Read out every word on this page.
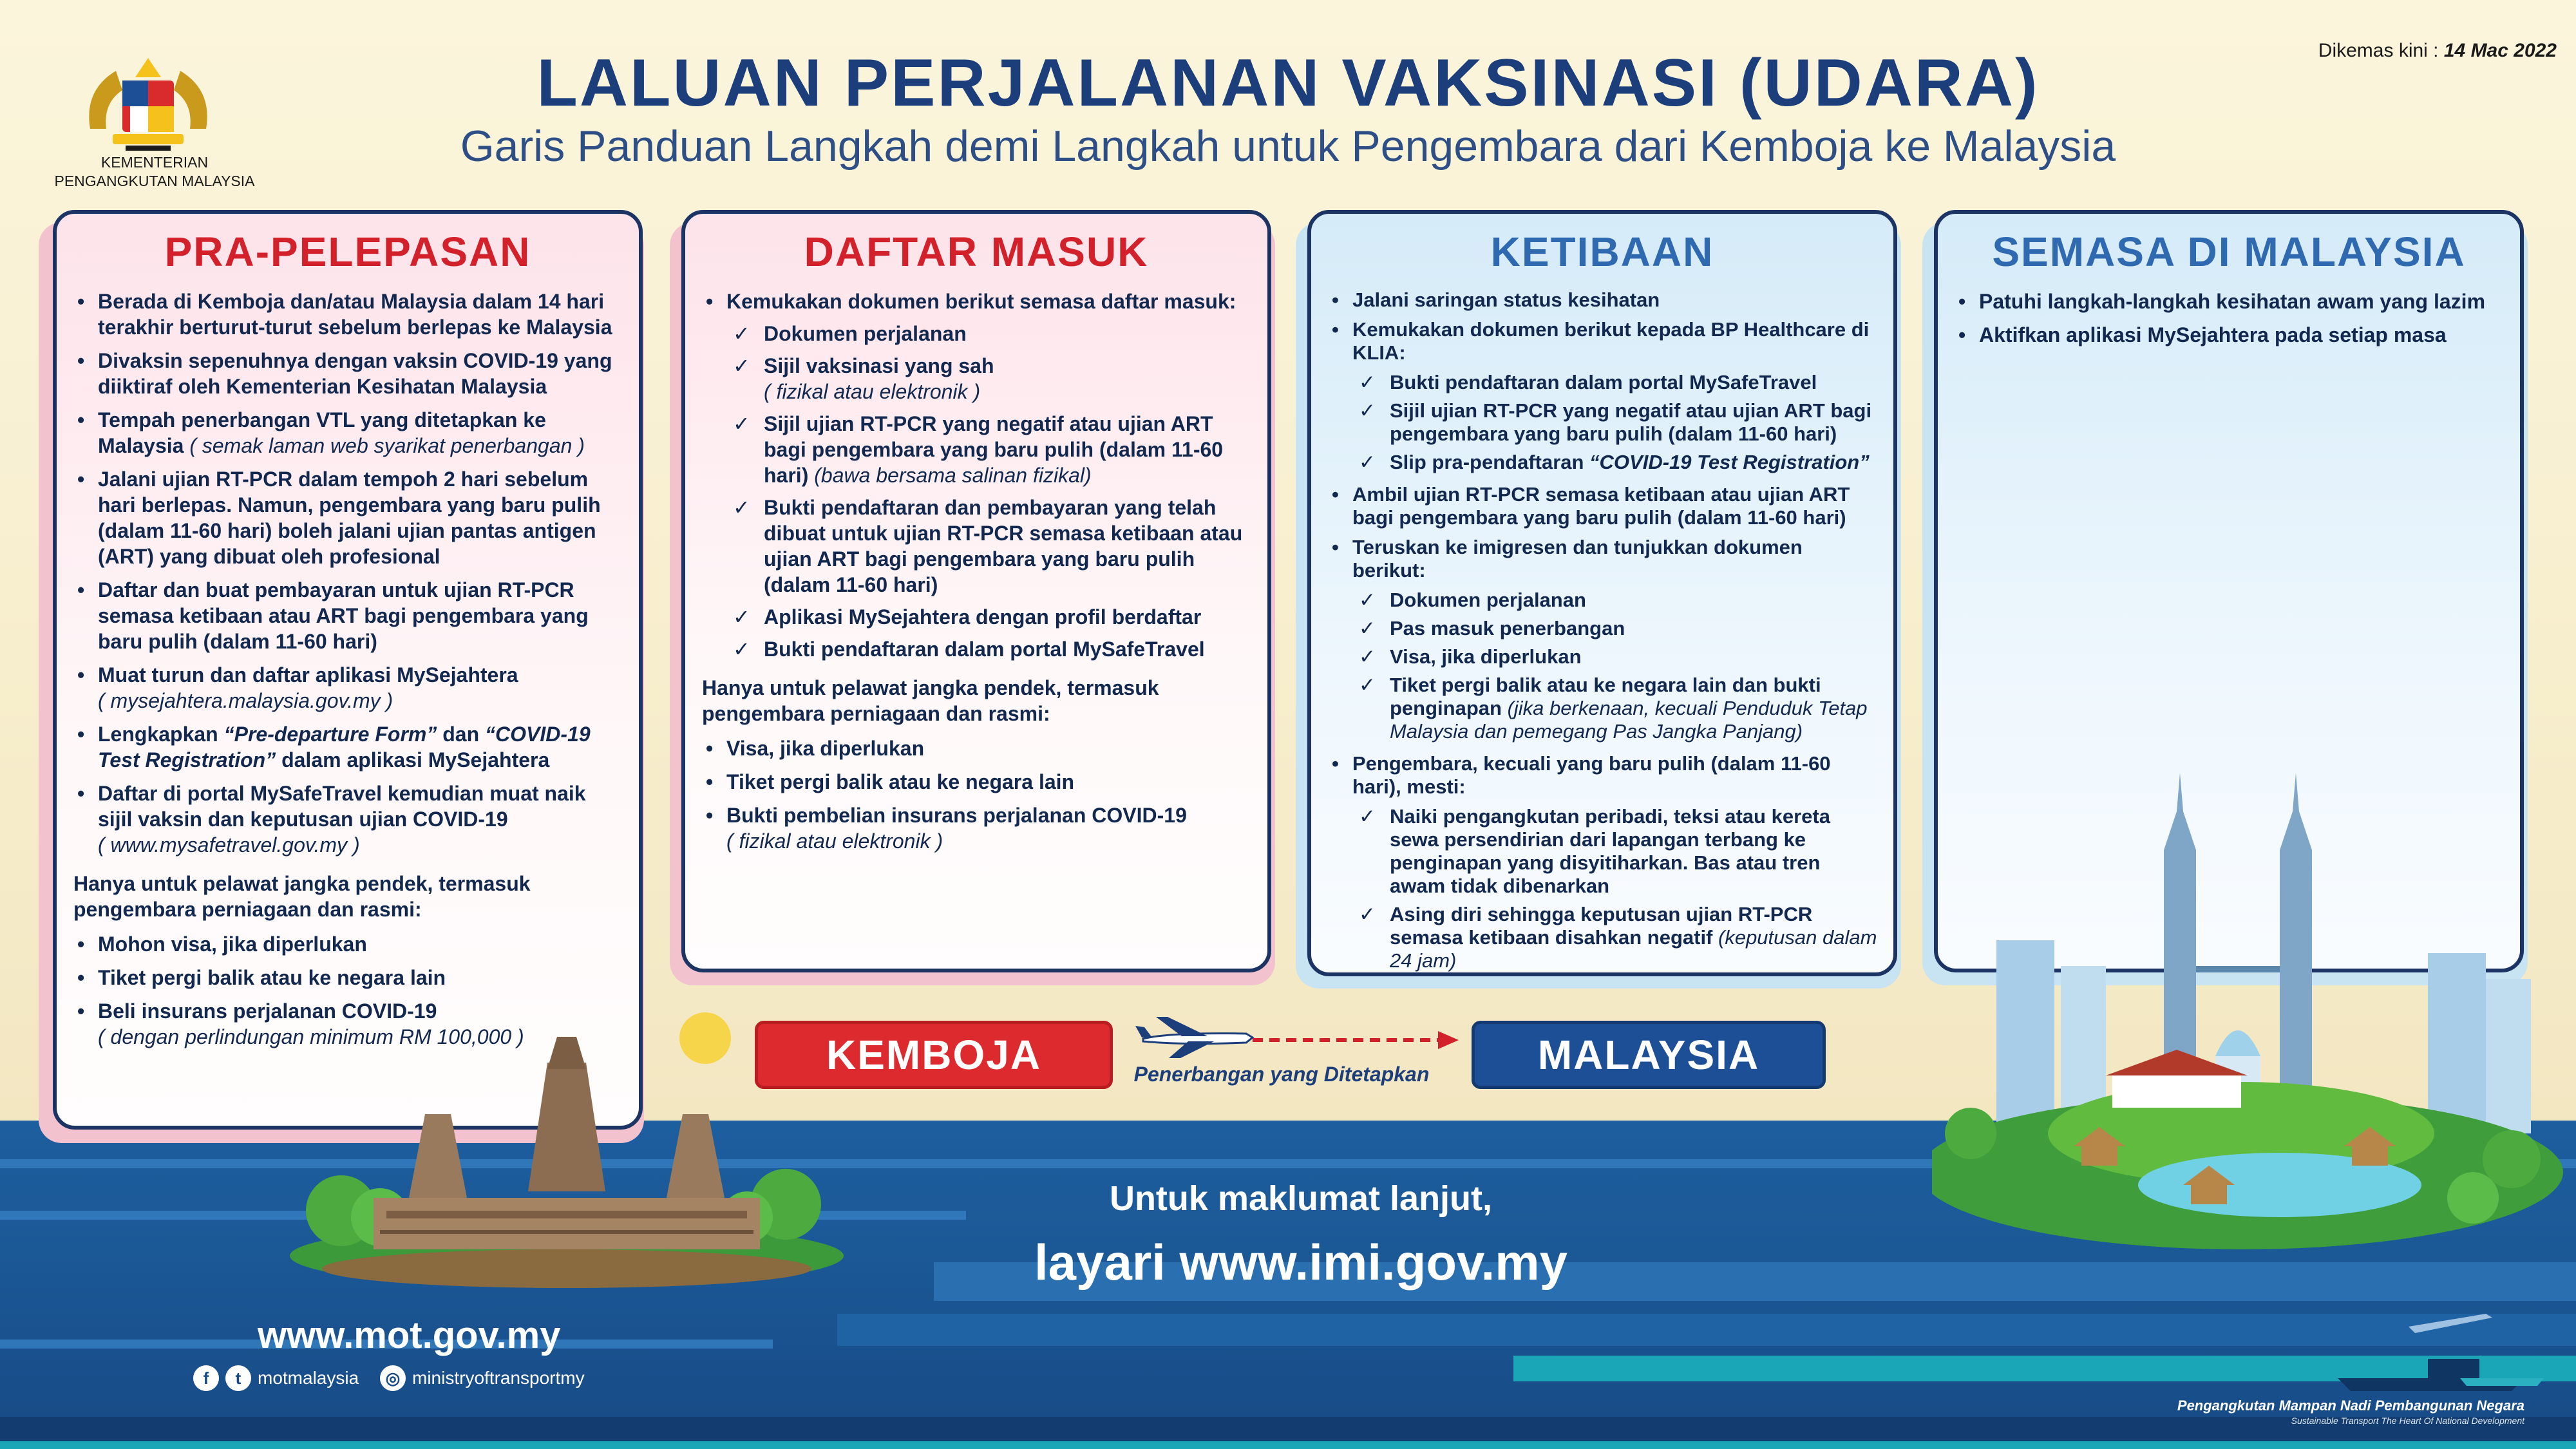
KEMENTERIAN PENGANGKUTAN MALAYSIA
Dikemas kini : 14 Mac 2022
LALUAN PERJALANAN VAKSINASI (UDARA)
Garis Panduan Langkah demi Langkah untuk Pengembara dari Kemboja ke Malaysia
PRA-PELEPASAN
• Berada di Kemboja dan/atau Malaysia dalam 14 hari terakhir berturut-turut sebelum berlepas ke Malaysia
• Divaksin sepenuhnya dengan vaksin COVID-19 yang diiktiraf oleh Kementerian Kesihatan Malaysia
• Tempah penerbangan VTL yang ditetapkan ke Malaysia ( semak laman web syarikat penerbangan )
• Jalani ujian RT-PCR dalam tempoh 2 hari sebelum hari berlepas. Namun, pengembara yang baru pulih (dalam 11-60 hari) boleh jalani ujian pantas antigen (ART) yang dibuat oleh profesional
• Daftar dan buat pembayaran untuk ujian RT-PCR semasa ketibaan atau ART bagi pengembara yang baru pulih (dalam 11-60 hari)
• Muat turun dan daftar aplikasi MySejahtera
( mysejahtera.malaysia.gov.my )
• Lengkapkan “Pre-departure Form” dan “COVID-19 Test Registration” dalam aplikasi MySejahtera
• Daftar di portal MySafeTravel kemudian muat naik sijil vaksin dan keputusan ujian COVID-19
( www.mysafetravel.gov.my )
Hanya untuk pelawat jangka pendek, termasuk pengembara perniagaan dan rasmi:
• Mohon visa, jika diperlukan
• Tiket pergi balik atau ke negara lain
• Beli insurans perjalanan COVID-19
( dengan perlindungan minimum RM 100,000 )
DAFTAR MASUK
• Kemukakan dokumen berikut semasa daftar masuk:
✓ Dokumen perjalanan
✓ Sijil vaksinasi yang sah
( fizikal atau elektronik )
✓ Sijil ujian RT-PCR yang negatif atau ujian ART bagi pengembara yang baru pulih (dalam 11-60 hari) (bawa bersama salinan fizikal)
✓ Bukti pendaftaran dan pembayaran yang telah dibuat untuk ujian RT-PCR semasa ketibaan atau ujian ART bagi pengembara yang baru pulih (dalam 11-60 hari)
✓ Aplikasi MySejahtera dengan profil berdaftar
✓ Bukti pendaftaran dalam portal MySafeTravel
Hanya untuk pelawat jangka pendek, termasuk pengembara perniagaan dan rasmi:
• Visa, jika diperlukan
• Tiket pergi balik atau ke negara lain
• Bukti pembelian insurans perjalanan COVID-19
( fizikal atau elektronik )
KETIBAAN
• Jalani saringan status kesihatan
• Kemukakan dokumen berikut kepada BP Healthcare di KLIA:
✓ Bukti pendaftaran dalam portal MySafeTravel
✓ Sijil ujian RT-PCR yang negatif atau ujian ART bagi pengembara yang baru pulih (dalam 11-60 hari)
✓ Slip pra-pendaftaran “COVID-19 Test Registration”
• Ambil ujian RT-PCR semasa ketibaan atau ujian ART bagi pengembara yang baru pulih (dalam 11-60 hari)
• Teruskan ke imigresen dan tunjukkan dokumen berikut:
✓ Dokumen perjalanan
✓ Pas masuk penerbangan
✓ Visa, jika diperlukan
✓ Tiket pergi balik atau ke negara lain dan bukti penginapan (jika berkenaan, kecuali Penduduk Tetap Malaysia dan pemegang Pas Jangka Panjang)
• Pengembara, kecuali yang baru pulih (dalam 11-60 hari), mesti:
✓ Naiki pengangkutan peribadi, teksi atau kereta sewa persendirian dari lapangan terbang ke penginapan yang disyitiharkan. Bas atau tren awam tidak dibenarkan
✓ Asing diri sehingga keputusan ujian RT-PCR semasa ketibaan disahkan negatif (keputusan dalam 24 jam)
SEMASA DI MALAYSIA
• Patuhi langkah-langkah kesihatan awam yang lazim
• Aktifkan aplikasi MySejahtera pada setiap masa
KEMBOJA	Penerbangan yang Ditetapkan	MALAYSIA
Untuk maklumat lanjut,
layari www.imi.gov.my
www.mot.gov.my
f	t motmalaysia	◎ ministryoftransportmy
Pengangkutan Mampan Nadi Pembangunan Negara
Sustainable Transport The Heart Of National Development
